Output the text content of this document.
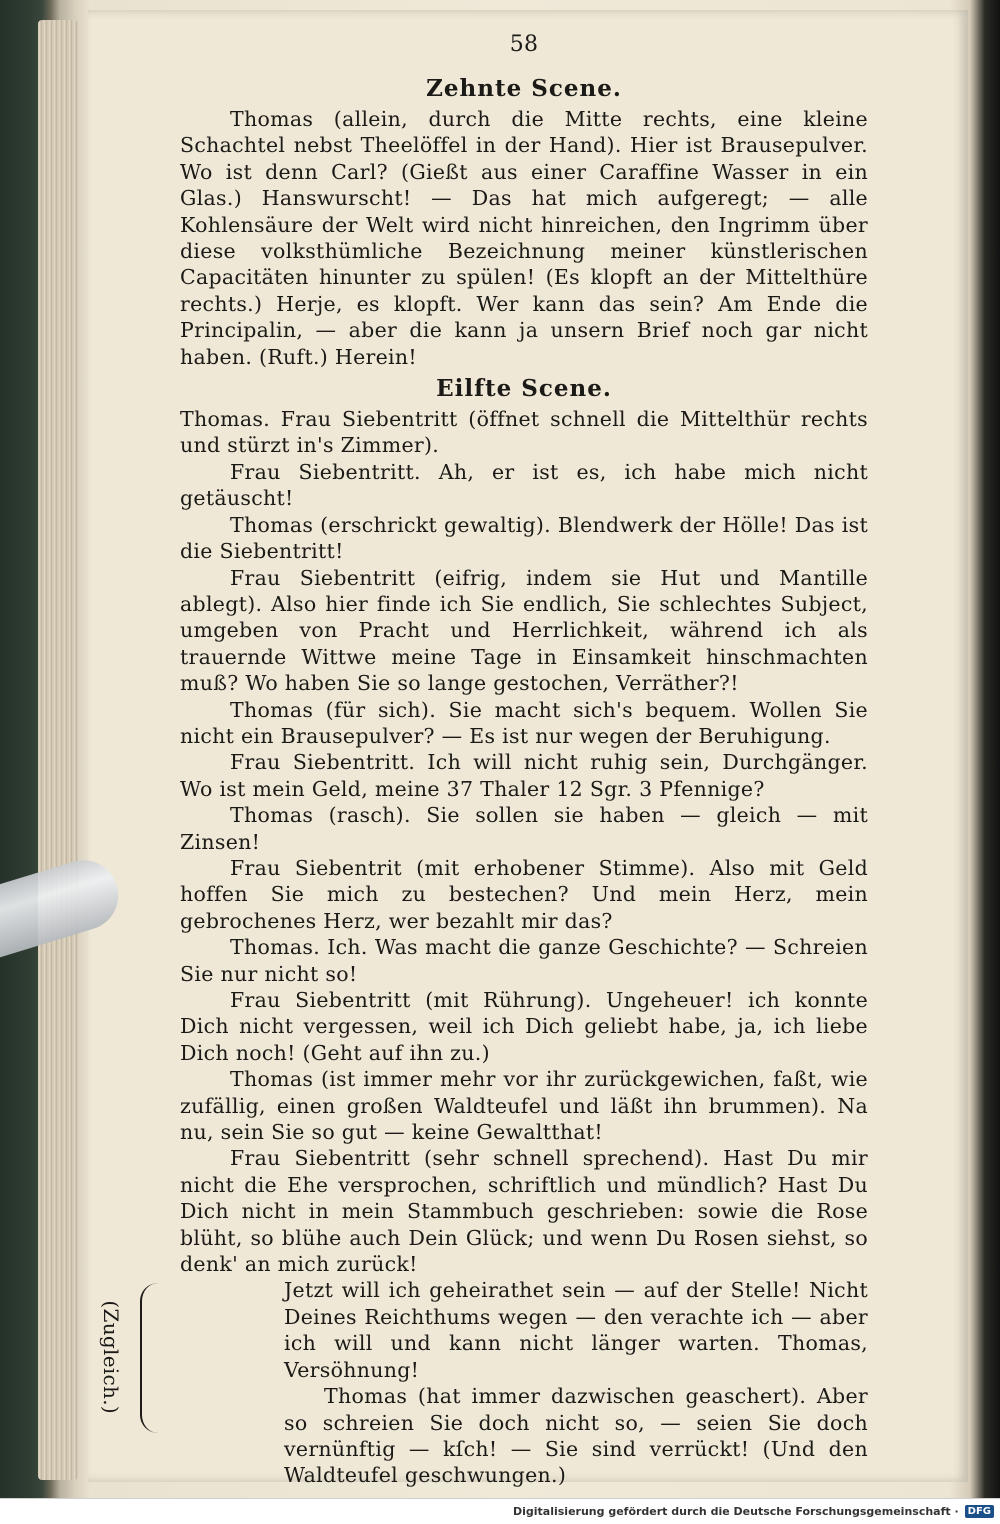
58
Zehnte Scene.

Thomas (allein, durch die Mitte rechts, eine kleine Schachtel nebst Theelöffel in der Hand). Hier ist Brausepulver. Wo ist denn Carl? (Gießt aus einer Caraffine Wasser in ein Glas.) Hanswurscht! — Das hat mich aufgeregt; — alle Kohlensäure der Welt wird nicht hinreichen, den Ingrimm über diese volksthümliche Bezeichnung meiner künstlerischen Capacitäten hinunter zu spülen! (Es klopft an der Mittelthüre rechts.) Herje, es klopft. Wer kann das sein? Am Ende die Principalin, — aber die kann ja unsern Brief noch gar nicht haben. (Ruft.) Herein!

Eilfte Scene.

Thomas. Frau Siebentritt (öffnet schnell die Mittelthür rechts und stürzt in's Zimmer).

Frau Siebentritt. Ah, er ist es, ich habe mich nicht getäuscht!

Thomas (erschrickt gewaltig). Blendwerk der Hölle! Das ist die Siebentritt!

Frau Siebentritt (eifrig, indem sie Hut und Mantille ablegt). Also hier finde ich Sie endlich, Sie schlechtes Subject, umgeben von Pracht und Herrlichkeit, während ich als trauernde Wittwe meine Tage in Einsamkeit hinschmachten muß? Wo haben Sie so lange gestochen, Verräther?!

Thomas (für sich). Sie macht sich's bequem. Wollen Sie nicht ein Brausepulver? — Es ist nur wegen der Beruhigung.

Frau Siebentritt. Ich will nicht ruhig sein, Durchgänger. Wo ist mein Geld, meine 37 Thaler 12 Sgr. 3 Pfennige?

Thomas (rasch). Sie sollen sie haben — gleich — mit Zinsen!

Frau Siebentrit (mit erhobener Stimme). Also mit Geld hoffen Sie mich zu bestechen? Und mein Herz, mein gebrochenes Herz, wer bezahlt mir das?

Thomas. Ich. Was macht die ganze Geschichte? — Schreien Sie nur nicht so!

Frau Siebentritt (mit Rührung). Ungeheuer! ich konnte Dich nicht vergessen, weil ich Dich geliebt habe, ja, ich liebe Dich noch! (Geht auf ihn zu.)

Thomas (ist immer mehr vor ihr zurückgewichen, faßt, wie zufällig, einen großen Waldteufel und läßt ihn brummen). Na nu, sein Sie so gut — keine Gewaltthat!

Frau Siebentritt (sehr schnell sprechend). Hast Du mir nicht die Ehe versprochen, schriftlich und mündlich? Hast Du Dich nicht in mein Stammbuch geschrieben: sowie die Rose blüht, so blühe auch Dein Glück; und wenn Du Rosen siehst, so denk' an mich zurück!

(Zugleich.)

Jetzt will ich geheirathet sein — auf der Stelle! Nicht Deines Reichthums wegen — den verachte ich — aber ich will und kann nicht länger warten. Thomas, Versöhnung!

Thomas (hat immer dazwischen geaschert). Aber so schreien Sie doch nicht so, — seien Sie doch vernünftig — kſch! — Sie sind verrückt! (Und den Waldteufel geschwungen.)

Digitalisierung gefördert durch die Deutsche Forschungsgemeinschaft · DFG
